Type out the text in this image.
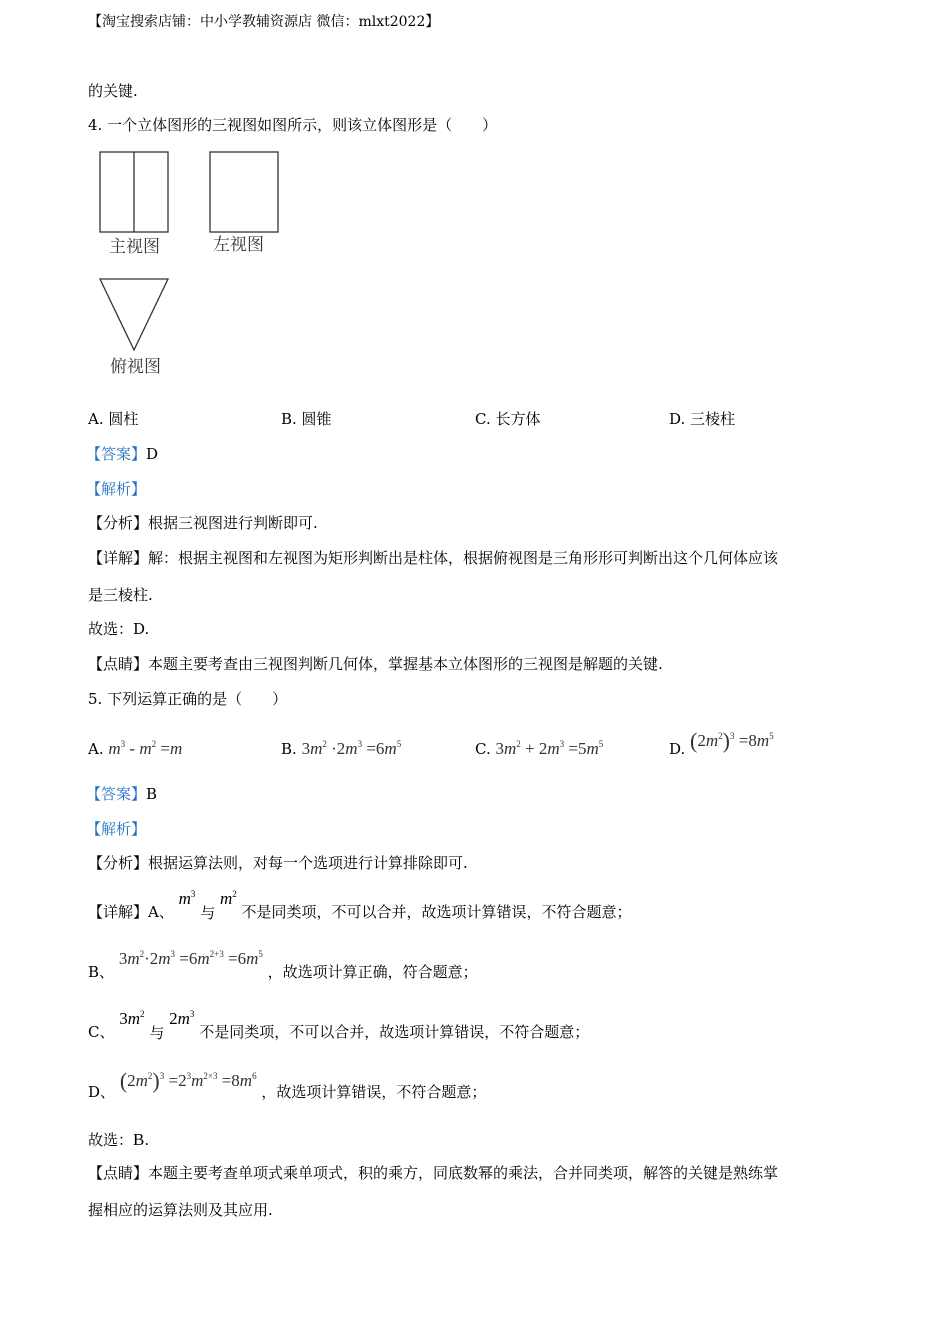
【淘宝搜索店铺：中小学教辅资源店 微信：mlxt2022】
的关键.
4. 一个立体图形的三视图如图所示，则该立体图形是（　　）
主视图	左视图
俯视图
A. 圆柱	B. 圆锥	C. 长方体	D. 三棱柱
【答案】D
【解析】
【分析】根据三视图进行判断即可.
【详解】解：根据主视图和左视图为矩形判断出是柱体，根据俯视图是三角形形可判断出这个几何体应该
是三棱柱.
故选：D.
【点睛】本题主要考查由三视图判断几何体，掌握基本立体图形的三视图是解题的关键.
5. 下列运算正确的是（　　）
A. $m^3 - m^2 =m$	B. $3m^2 \cdot 2m^3 =6m^5$	C. $3m^2 + 2m^3 =5m^5$	D. $(2m^2)^3 =8m^5$
【答案】B
【解析】
【分析】根据运算法则，对每一个选项进行计算排除即可.
【详解】A、 $m^3$ 与 $m^2$ 不是同类项，不可以合并，故选项计算错误，不符合题意；
B、 $3m^2\cdot 2m^3 =6m^{2+3} =6m^5$ ，故选项计算正确，符合题意；
C、 $3m^2$ 与 $2m^3$ 不是同类项，不可以合并，故选项计算错误，不符合题意；
D、 $(2m^2)^3 =2^3m^{2\times 3} =8m^6$ ，故选项计算错误，不符合题意；
故选：B.
【点睛】本题主要考查单项式乘单项式，积的乘方，同底数幂的乘法，合并同类项，解答的关键是熟练掌
握相应的运算法则及其应用.
